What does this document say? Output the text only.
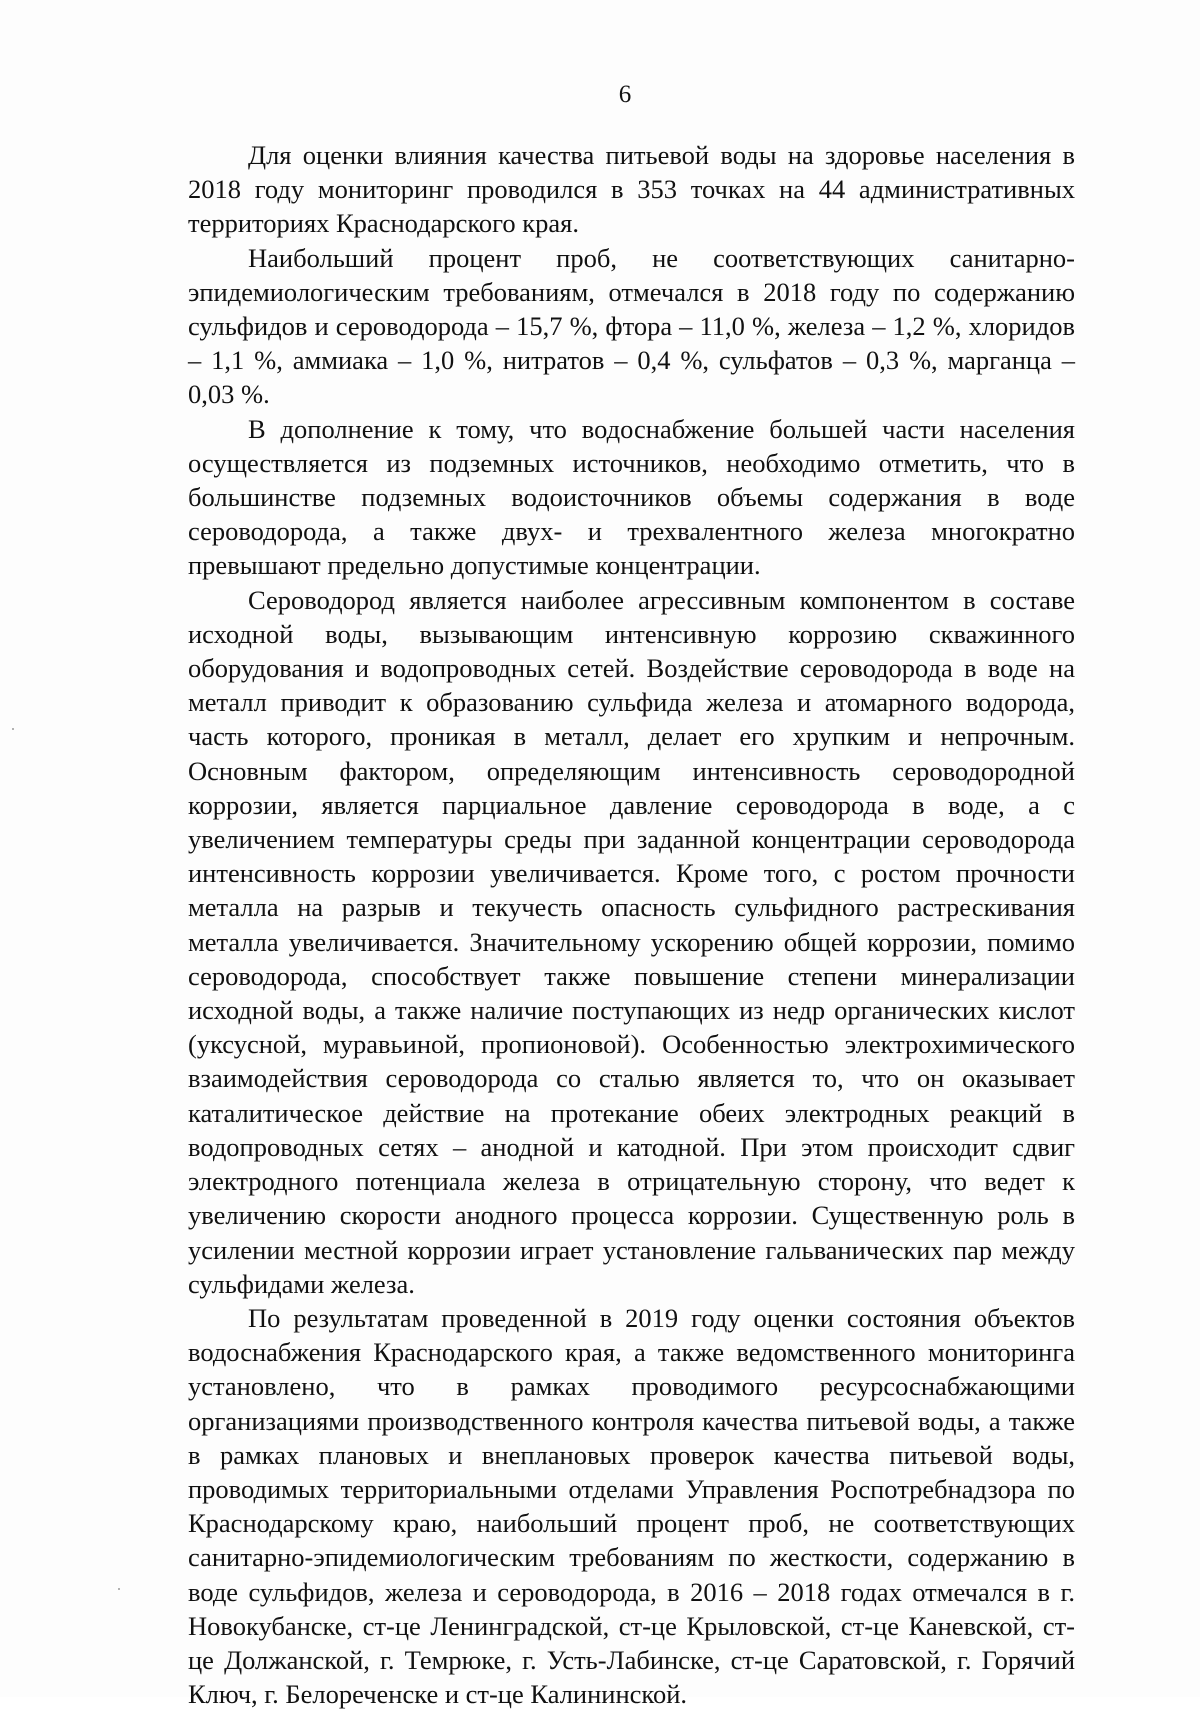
6

Для оценки влияния качества питьевой воды на здоровье населения в 2018 году мониторинг проводился в 353 точках на 44 административных территориях Краснодарского края.

Наибольший процент проб, не соответствующих санитарно-эпидемиологическим требованиям, отмечался в 2018 году по содержанию сульфидов и сероводорода – 15,7 %, фтора – 11,0 %, железа – 1,2 %, хлоридов – 1,1 %, аммиака – 1,0 %, нитратов – 0,4 %, сульфатов – 0,3 %, марганца – 0,03 %.

В дополнение к тому, что водоснабжение большей части населения осуществляется из подземных источников, необходимо отметить, что в большинстве подземных водоисточников объемы содержания в воде сероводорода, а также двух- и трехвалентного железа многократно превышают предельно допустимые концентрации.

Сероводород является наиболее агрессивным компонентом в составе исходной воды, вызывающим интенсивную коррозию скважинного оборудования и водопроводных сетей. Воздействие сероводорода в воде на металл приводит к образованию сульфида железа и атомарного водорода, часть которого, проникая в металл, делает его хрупким и непрочным. Основным фактором, определяющим интенсивность сероводородной коррозии, является парциальное давление сероводорода в воде, а с увеличением температуры среды при заданной концентрации сероводорода интенсивность коррозии увеличивается. Кроме того, с ростом прочности металла на разрыв и текучесть опасность сульфидного растрескивания металла увеличивается. Значительному ускорению общей коррозии, помимо сероводорода, способствует также повышение степени минерализации исходной воды, а также наличие поступающих из недр органических кислот (уксусной, муравьиной, пропионовой). Особенностью электрохимического взаимодействия сероводорода со сталью является то, что он оказывает каталитическое действие на протекание обеих электродных реакций в водопроводных сетях – анодной и катодной. При этом происходит сдвиг электродного потенциала железа в отрицательную сторону, что ведет к увеличению скорости анодного процесса коррозии. Существенную роль в усилении местной коррозии играет установление гальванических пар между сульфидами железа.

По результатам проведенной в 2019 году оценки состояния объектов водоснабжения Краснодарского края, а также ведомственного мониторинга установлено, что в рамках проводимого ресурсоснабжающими организациями производственного контроля качества питьевой воды, а также в рамках плановых и внеплановых проверок качества питьевой воды, проводимых территориальными отделами Управления Роспотребнадзора по Краснодарскому краю, наибольший процент проб, не соответствующих санитарно-эпидемиологическим требованиям по жесткости, содержанию в воде сульфидов, железа и сероводорода, в 2016 – 2018 годах отмечался в г. Новокубанске, ст-це Ленинградской, ст-це Крыловской, ст-це Каневской, ст-це Должанской, г. Темрюке, г. Усть-Лабинске, ст-це Саратовской, г. Горячий Ключ, г. Белореченске и ст-це Калининской.
